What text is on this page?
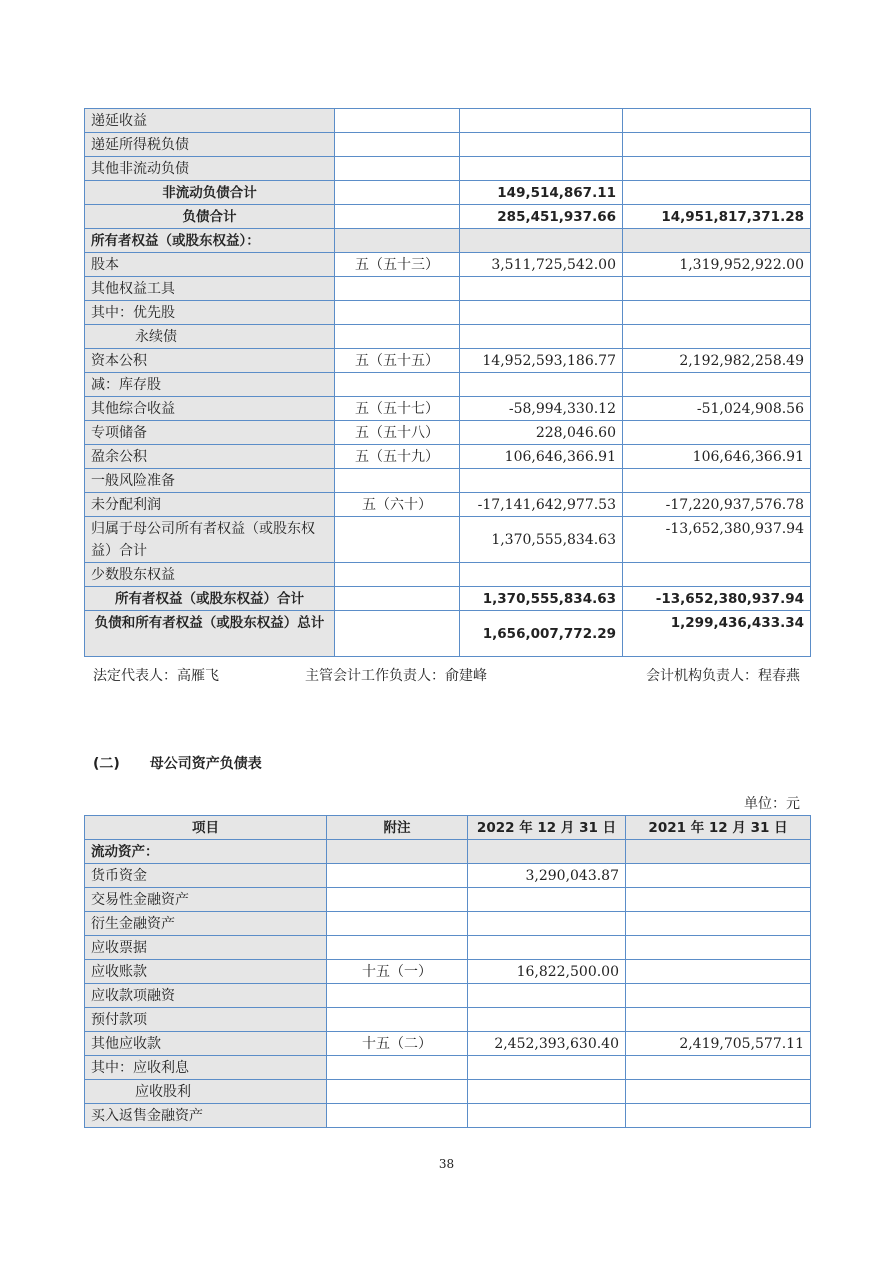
递延收益			
递延所得税负债			
其他非流动负债			
非流动负债合计		149,514,867.11	
负债合计		285,451,937.66	14,951,817,371.28
所有者权益（或股东权益）：			
股本	五（五十三）	3,511,725,542.00	1,319,952,922.00
其他权益工具			
其中：优先股			
永续债			
资本公积	五（五十五）	14,952,593,186.77	2,192,982,258.49
减：库存股			
其他综合收益	五（五十七）	-58,994,330.12	-51,024,908.56
专项储备	五（五十八）	228,046.60	
盈余公积	五（五十九）	106,646,366.91	106,646,366.91
一般风险准备			
未分配利润	五（六十）	-17,141,642,977.53	-17,220,937,576.78
归属于母公司所有者权益（或股东权益）合计		1,370,555,834.63	-13,652,380,937.94
少数股东权益			
所有者权益（或股东权益）合计		1,370,555,834.63	-13,652,380,937.94
负债和所有者权益（或股东权益）总计		1,656,007,772.29	1,299,436,433.34
法定代表人：高雁飞	主管会计工作负责人：俞建峰	会计机构负责人：程春燕
(二) 母公司资产负债表
单位：元
项目	附注	2022 年 12 月 31 日	2021 年 12 月 31 日
流动资产：			
货币资金		3,290,043.87	
交易性金融资产			
衍生金融资产			
应收票据			
应收账款	十五（一）	16,822,500.00	
应收款项融资			
预付款项			
其他应收款	十五（二）	2,452,393,630.40	2,419,705,577.11
其中：应收利息			
应收股利			
买入返售金融资产			
38
